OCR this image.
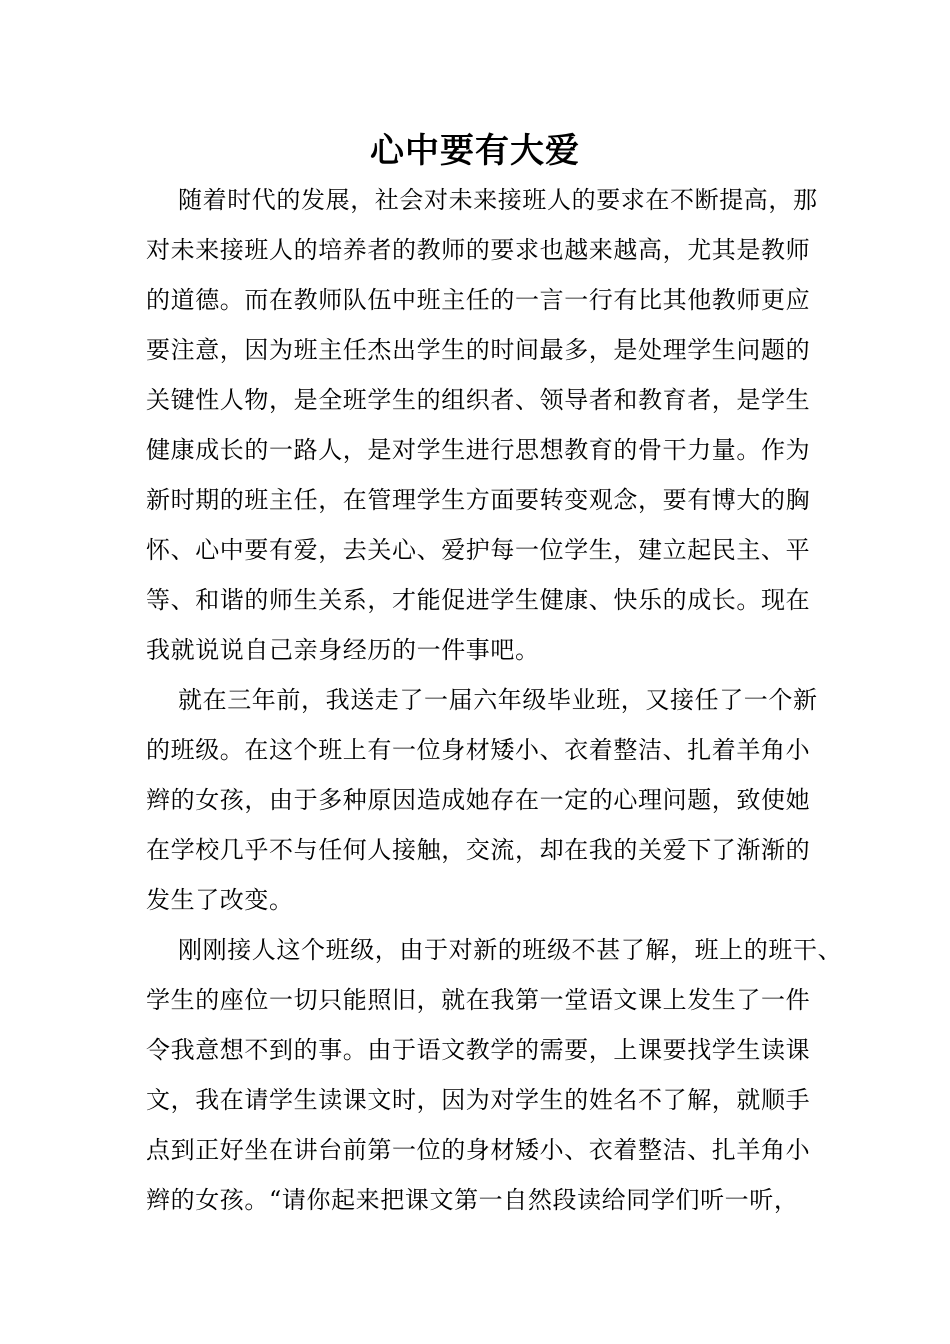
心中要有大爱
随着时代的发展，社会对未来接班人的要求在不断提高，那
对未来接班人的培养者的教师的要求也越来越高，尤其是教师
的道德。而在教师队伍中班主任的一言一行有比其他教师更应
要注意，因为班主任杰出学生的时间最多，是处理学生问题的
关键性人物，是全班学生的组织者、领导者和教育者，是学生
健康成长的一路人，是对学生进行思想教育的骨干力量。作为
新时期的班主任，在管理学生方面要转变观念，要有博大的胸
怀、心中要有爱，去关心、爱护每一位学生，建立起民主、平
等、和谐的师生关系，才能促进学生健康、快乐的成长。现在
我就说说自己亲身经历的一件事吧。
就在三年前，我送走了一届六年级毕业班，又接任了一个新
的班级。在这个班上有一位身材矮小、衣着整洁、扎着羊角小
辫的女孩，由于多种原因造成她存在一定的心理问题，致使她
在学校几乎不与任何人接触，交流，却在我的关爱下了渐渐的
发生了改变。
刚刚接人这个班级，由于对新的班级不甚了解，班上的班干、
学生的座位一切只能照旧，就在我第一堂语文课上发生了一件
令我意想不到的事。由于语文教学的需要，上课要找学生读课
文，我在请学生读课文时，因为对学生的姓名不了解，就顺手
点到正好坐在讲台前第一位的身材矮小、衣着整洁、扎羊角小
辫的女孩。“请你起来把课文第一自然段读给同学们听一听，
